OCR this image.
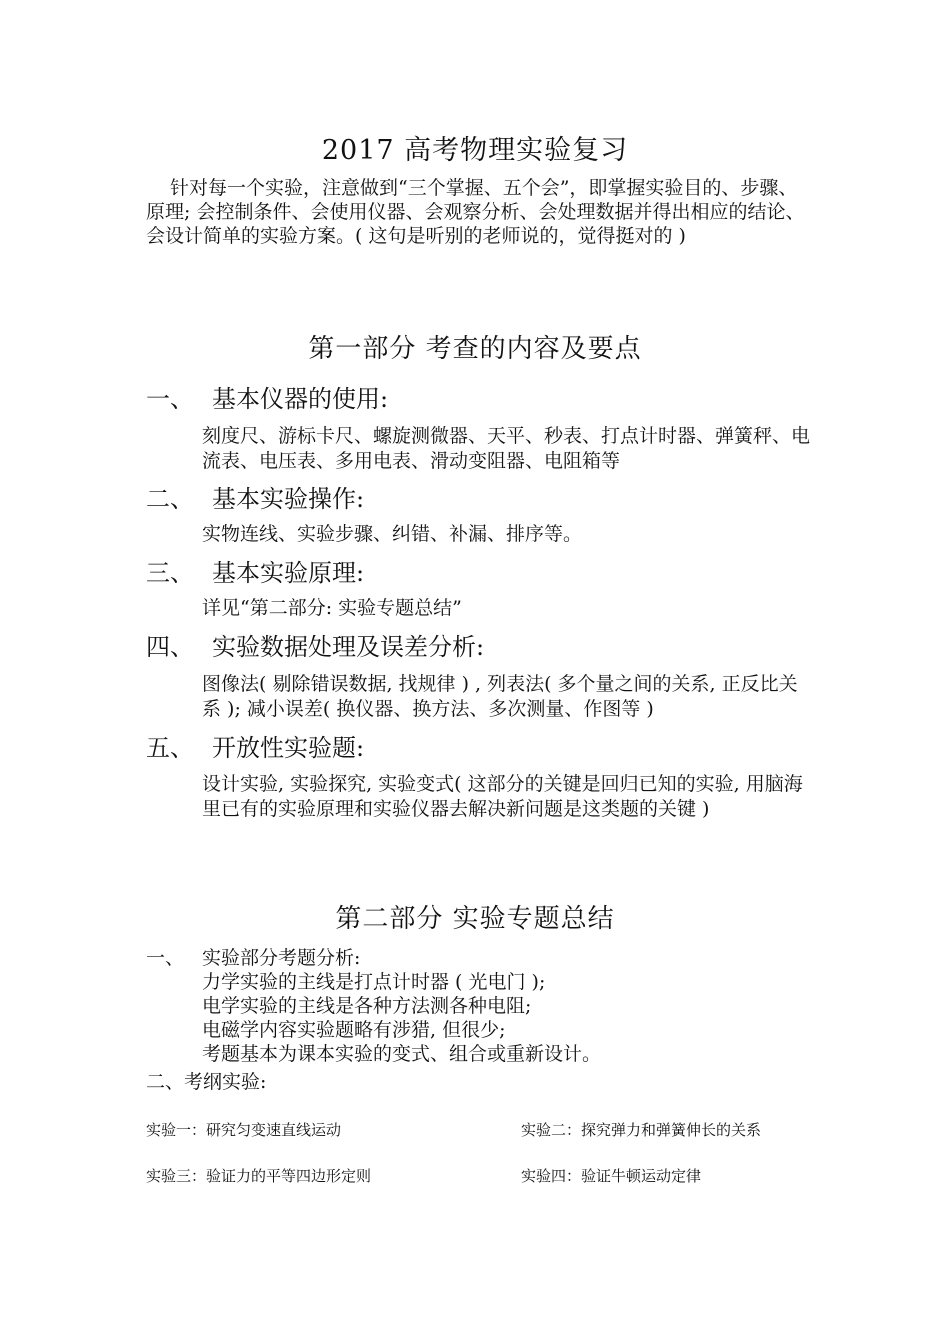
2017 高考物理实验复习

针对每一个实验，注意做到“三个掌握、五个会”，即掌握实验目的、步骤、原理; 会控制条件、会使用仪器、会观察分析、会处理数据并得出相应的结论、会设计简单的实验方案。( 这句是听别的老师说的，觉得挺对的 )

第一部分 考查的内容及要点
一、 基本仪器的使用:
刻度尺、游标卡尺、螺旋测微器、天平、秒表、打点计时器、弹簧秤、电流表、电压表、多用电表、滑动变阻器、电阻箱等
二、 基本实验操作:
实物连线、实验步骤、纠错、补漏、排序等。
三、 基本实验原理:
详见“第二部分: 实验专题总结”
四、 实验数据处理及误差分析:
图像法( 剔除错误数据, 找规律 ) , 列表法( 多个量之间的关系, 正反比关系 ); 减小误差( 换仪器、换方法、多次测量、作图等 )
五、 开放性实验题:
设计实验, 实验探究, 实验变式( 这部分的关键是回归已知的实验, 用脑海里已有的实验原理和实验仪器去解决新问题是这类题的关键 )
第二部分 实验专题总结
一、 实验部分考题分析:
力学实验的主线是打点计时器 ( 光电门 );
电学实验的主线是各种方法测各种电阻;
电磁学内容实验题略有涉猎, 但很少;
考题基本为课本实验的变式、组合或重新设计。
二、考纲实验:
实验一：研究匀变速直线运动	实验二：探究弹力和弹簧伸长的关系
实验三：验证力的平等四边形定则	实验四：验证牛顿运动定律
